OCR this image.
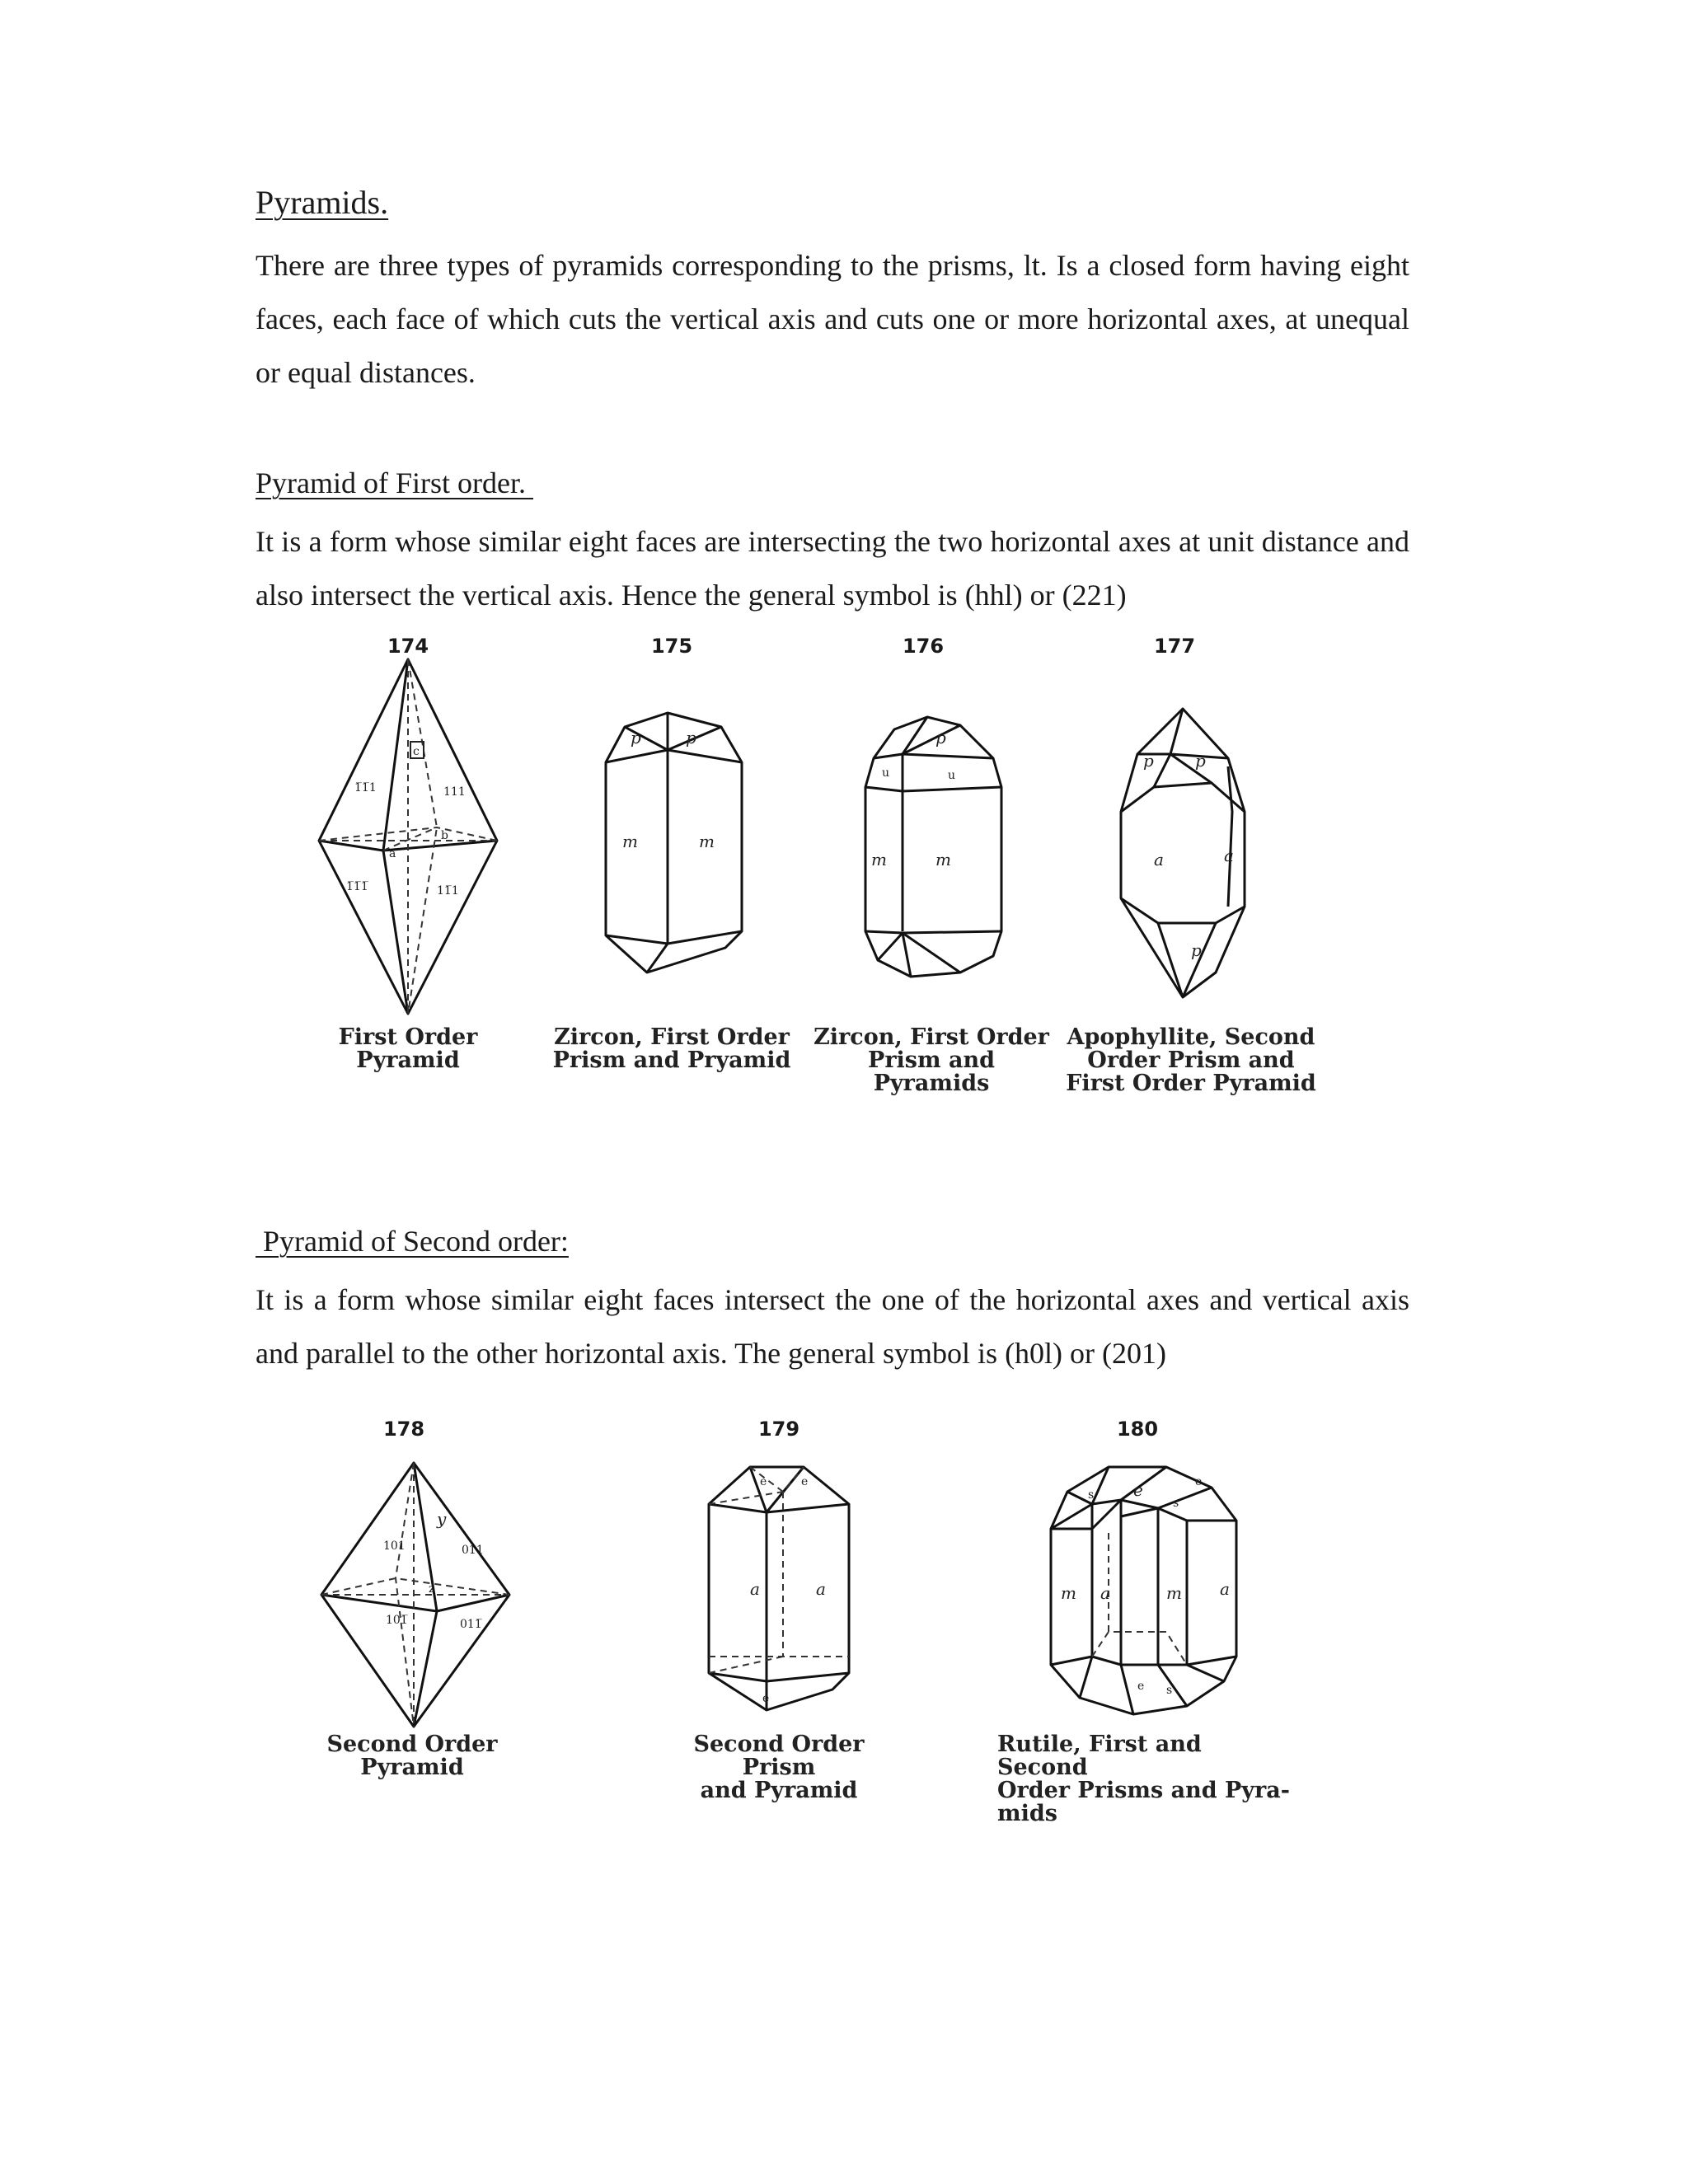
Pyramids.

There are three types of pyramids corresponding to the prisms, lt. Is a closed form having eight faces, each face of which cuts the vertical axis and cuts one or more horizontal axes, at unequal or equal distances.

Pyramid of First order.

It is a form whose similar eight faces are intersecting the two horizontal axes at unit distance and also intersect the vertical axis. Hence the general symbol is (hhl) or (221)

174
c
1̅1̅1	111
1̅1̅1̅	11̅1
b
a
First Order
Pyramid
175
p	p
m	m
Zircon, First Order
Prism and Pryamid
176
p
u	u
m	m
Zircon, First Order
Prism and Pyramids
177
p	p
a	a
p
Apophyllite, Second
Order Prism and
First Order Pyramid
Pyramid of Second order:

It is a form whose similar eight faces intersect the one of the horizontal axes and vertical axis and parallel to the other horizontal axis. The general symbol is (h0l) or (201)

178
101	011
101̅	011̅
y
z
Second Order
Pyramid
179
e	e
a	a
e
Second Order Prism
and Pyramid
180
s e
s
e
m a	m a
e s
Rutile, First and Second
Order Prisms and Pyra-
mids
